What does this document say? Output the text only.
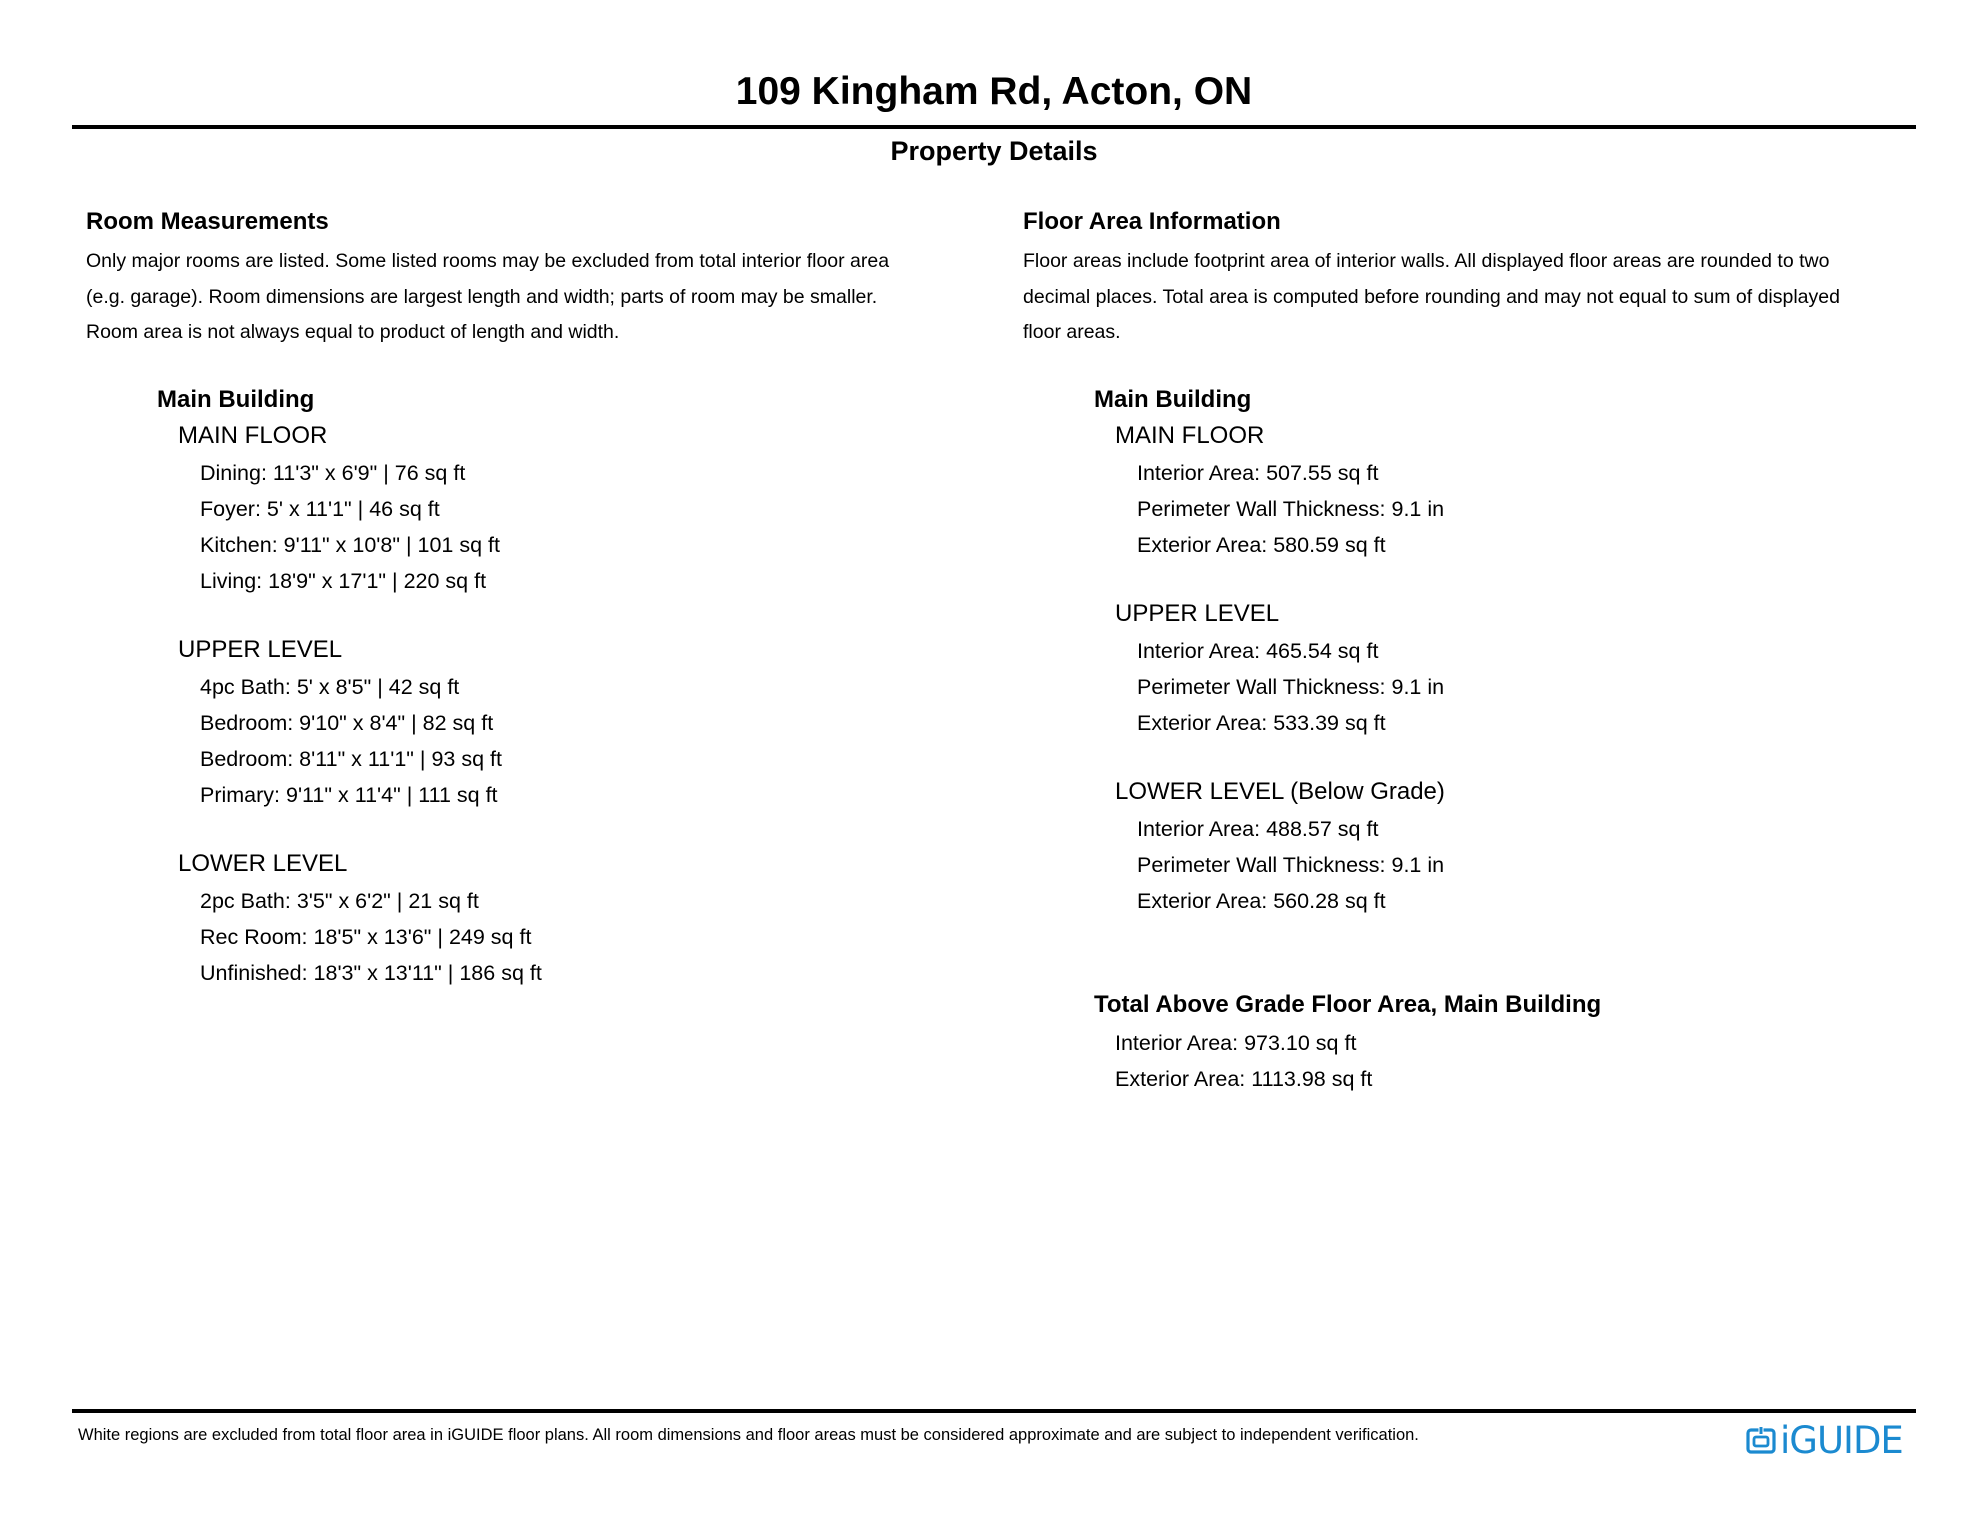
109 Kingham Rd, Acton, ON
Property Details
Room Measurements
Only major rooms are listed. Some listed rooms may be excluded from total interior floor area
(e.g. garage). Room dimensions are largest length and width; parts of room may be smaller.
Room area is not always equal to product of length and width.
Main Building
MAIN FLOOR
Dining: 11'3" x 6'9" | 76 sq ft
Foyer: 5' x 11'1" | 46 sq ft
Kitchen: 9'11" x 10'8" | 101 sq ft
Living: 18'9" x 17'1" | 220 sq ft
UPPER LEVEL
4pc Bath: 5' x 8'5" | 42 sq ft
Bedroom: 9'10" x 8'4" | 82 sq ft
Bedroom: 8'11" x 11'1" | 93 sq ft
Primary: 9'11" x 11'4" | 111 sq ft
LOWER LEVEL
2pc Bath: 3'5" x 6'2" | 21 sq ft
Rec Room: 18'5" x 13'6" | 249 sq ft
Unfinished: 18'3" x 13'11" | 186 sq ft
Floor Area Information
Floor areas include footprint area of interior walls. All displayed floor areas are rounded to two
decimal places. Total area is computed before rounding and may not equal to sum of displayed
floor areas.
Main Building
MAIN FLOOR
Interior Area: 507.55 sq ft
Perimeter Wall Thickness: 9.1 in
Exterior Area: 580.59 sq ft
UPPER LEVEL
Interior Area: 465.54 sq ft
Perimeter Wall Thickness: 9.1 in
Exterior Area: 533.39 sq ft
LOWER LEVEL (Below Grade)
Interior Area: 488.57 sq ft
Perimeter Wall Thickness: 9.1 in
Exterior Area: 560.28 sq ft
Total Above Grade Floor Area, Main Building
Interior Area: 973.10 sq ft
Exterior Area: 1113.98 sq ft
White regions are excluded from total floor area in iGUIDE floor plans. All room dimensions and floor areas must be considered approximate and are subject to independent verification.	iGUIDE
